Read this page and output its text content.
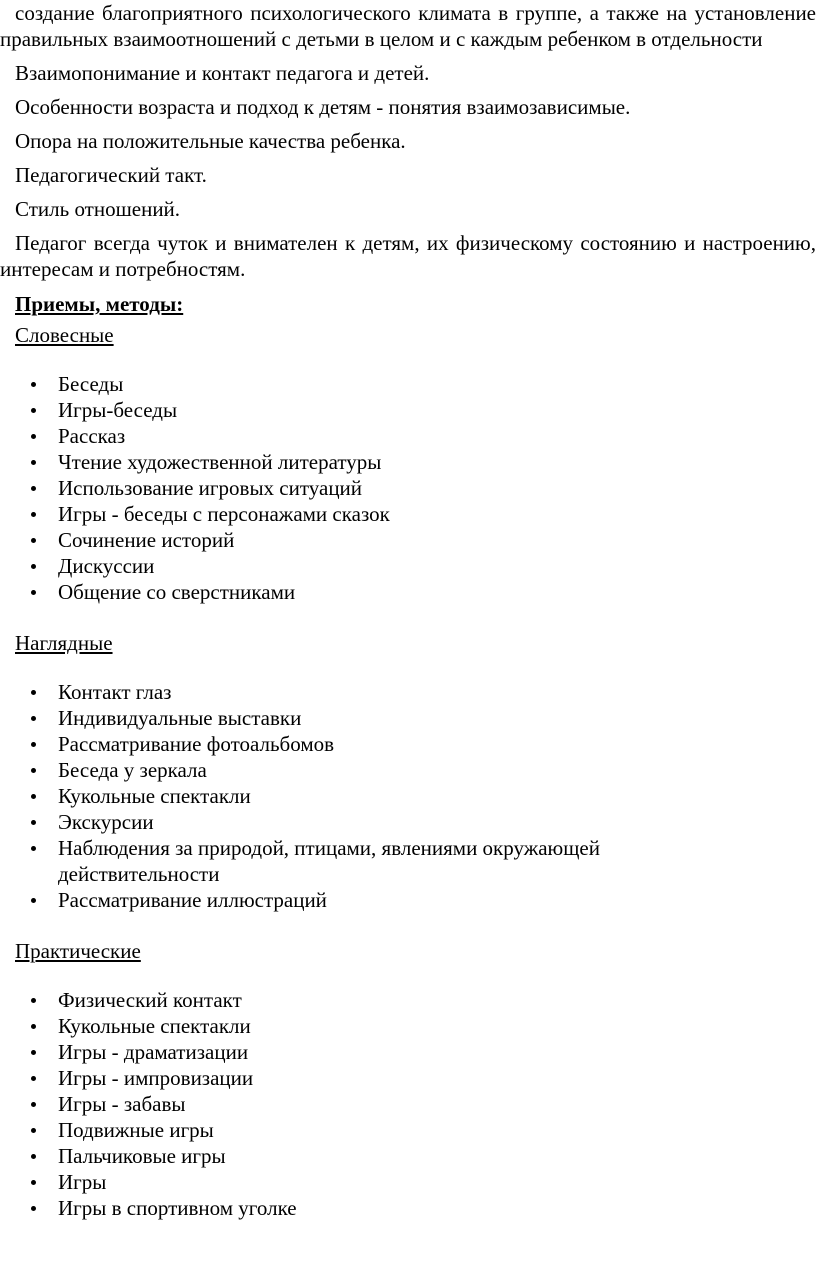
создание благоприятного психологического климата в группе, а также на установление правильных взаимоотношений с детьми в целом и с каждым ребенком в отдельности

Взаимопонимание и контакт педагога и детей.

Особенности возраста и подход к детям - понятия взаимозависимые.

Опора на положительные качества ребенка.

Педагогический такт.

Стиль отношений.

Педагог всегда чуток и внимателен к детям, их физическому состоянию и настроению, интересам и потребностям.

Приемы, методы:
Словесные
Беседы
Игры-беседы
Рассказ
Чтение художественной литературы
Использование игровых ситуаций
Игры - беседы с персонажами сказок
Сочинение историй
Дискуссии
Общение со сверстниками
Наглядные
Контакт глаз
Индивидуальные выставки
Рассматривание фотоальбомов
Беседа у зеркала
Кукольные спектакли
Экскурсии
Наблюдения за природой, птицами, явлениями окружающей действительности
Рассматривание иллюстраций
Практические
Физический контакт
Кукольные спектакли
Игры - драматизации
Игры - импровизации
Игры - забавы
Подвижные игры
Пальчиковые игры
Игры
Игры в спортивном уголке
